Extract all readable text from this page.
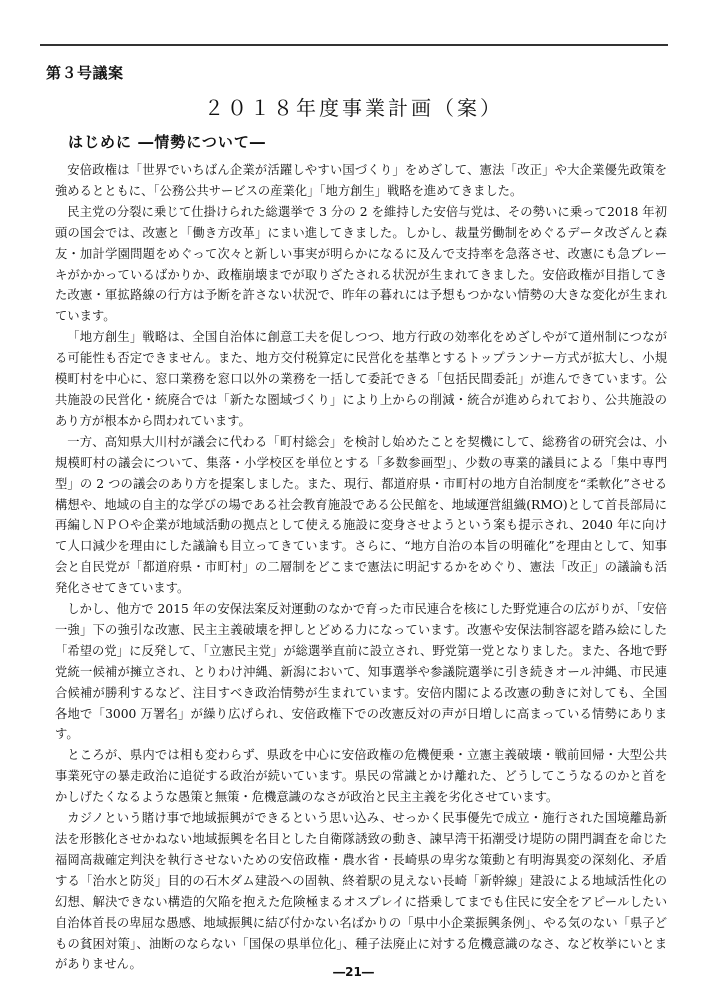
第３号議案
２０１８年度事業計画（案）
はじめに ―情勢について―

安倍政権は「世界でいちばん企業が活躍しやすい国づくり」をめざして、憲法「改正」や大企業優先政策を強めるとともに、「公務公共サービスの産業化」「地方創生」戦略を進めてきました。

民主党の分裂に乗じて仕掛けられた総選挙で 3 分の 2 を維持した安倍与党は、その勢いに乗って2018 年初頭の国会では、改憲と「働き方改革」にまい進してきました。しかし、裁量労働制をめぐるデータ改ざんと森友・加計学園問題をめぐって次々と新しい事実が明らかになるに及んで支持率を急落させ、改憲にも急ブレーキがかかっているばかりか、政権崩壊までが取りざたされる状況が生まれてきました。安倍政権が目指してきた改憲・軍拡路線の行方は予断を許さない状況で、昨年の暮れには予想もつかない情勢の大きな変化が生まれています。

「地方創生」戦略は、全国自治体に創意工夫を促しつつ、地方行政の効率化をめざしやがて道州制につながる可能性も否定できません。また、地方交付税算定に民営化を基準とするトップランナー方式が拡大し、小規模町村を中心に、窓口業務を窓口以外の業務を一括して委託できる「包括民間委託」が進んできています。公共施設の民営化・統廃合では「新たな圏域づくり」により上からの削減・統合が進められており、公共施設のあり方が根本から問われています。

一方、高知県大川村が議会に代わる「町村総会」を検討し始めたことを契機にして、総務省の研究会は、小規模町村の議会について、集落・小学校区を単位とする「多数参画型」、少数の専業的議員による「集中専門型」の 2 つの議会のあり方を提案しました。また、現行、都道府県・市町村の地方自治制度を“柔軟化”させる構想や、地域の自主的な学びの場である社会教育施設である公民館を、地域運営組織(RMO)として首長部局に再編しＮＰＯや企業が地域活動の拠点として使える施設に変身させようという案も提示され、2040 年に向けて人口減少を理由にした議論も目立ってきています。さらに、“地方自治の本旨の明確化”を理由として、知事会と自民党が「都道府県・市町村」の二層制をどこまで憲法に明記するかをめぐり、憲法「改正」の議論も活発化させてきています。

しかし、他方で 2015 年の安保法案反対運動のなかで育った市民連合を核にした野党連合の広がりが、「安倍一強」下の強引な改憲、民主主義破壊を押しとどめる力になっています。改憲や安保法制容認を踏み絵にした「希望の党」に反発して、「立憲民主党」が総選挙直前に設立され、野党第一党となりました。また、各地で野党統一候補が擁立され、とりわけ沖縄、新潟において、知事選挙や参議院選挙に引き続きオール沖縄、市民連合候補が勝利するなど、注目すべき政治情勢が生まれています。安倍内閣による改憲の動きに対しても、全国各地で「3000 万署名」が繰り広げられ、安倍政権下での改憲反対の声が日増しに高まっている情勢にあります。

ところが、県内では相も変わらず、県政を中心に安倍政権の危機便乗・立憲主義破壊・戦前回帰・大型公共事業死守の暴走政治に追従する政治が続いています。県民の常識とかけ離れた、どうしてこうなるのかと首をかしげたくなるような愚策と無策・危機意識のなさが政治と民主主義を劣化させています。

カジノという賭け事で地域振興ができるという思い込み、せっかく民事優先で成立・施行された国境離島新法を形骸化させかねない地域振興を名目とした自衛隊誘致の動き、諫早湾干拓潮受け堤防の開門調査を命じた福岡高裁確定判決を執行させないための安倍政権・農水省・長崎県の卑劣な策動と有明海異変の深刻化、矛盾する「治水と防災」目的の石木ダム建設への固執、終着駅の見えない長崎「新幹線」建設による地域活性化の幻想、解決できない構造的欠陥を抱えた危険極まるオスプレイに搭乗してまでも住民に安全をアピールしたい自治体首長の卑屈な愚感、地域振興に結び付かない名ばかりの「県中小企業振興条例」、やる気のない「県子どもの貧困対策」、油断のならない「国保の県単位化」、種子法廃止に対する危機意識のなさ、など枚挙にいとまがありません。

―21―
